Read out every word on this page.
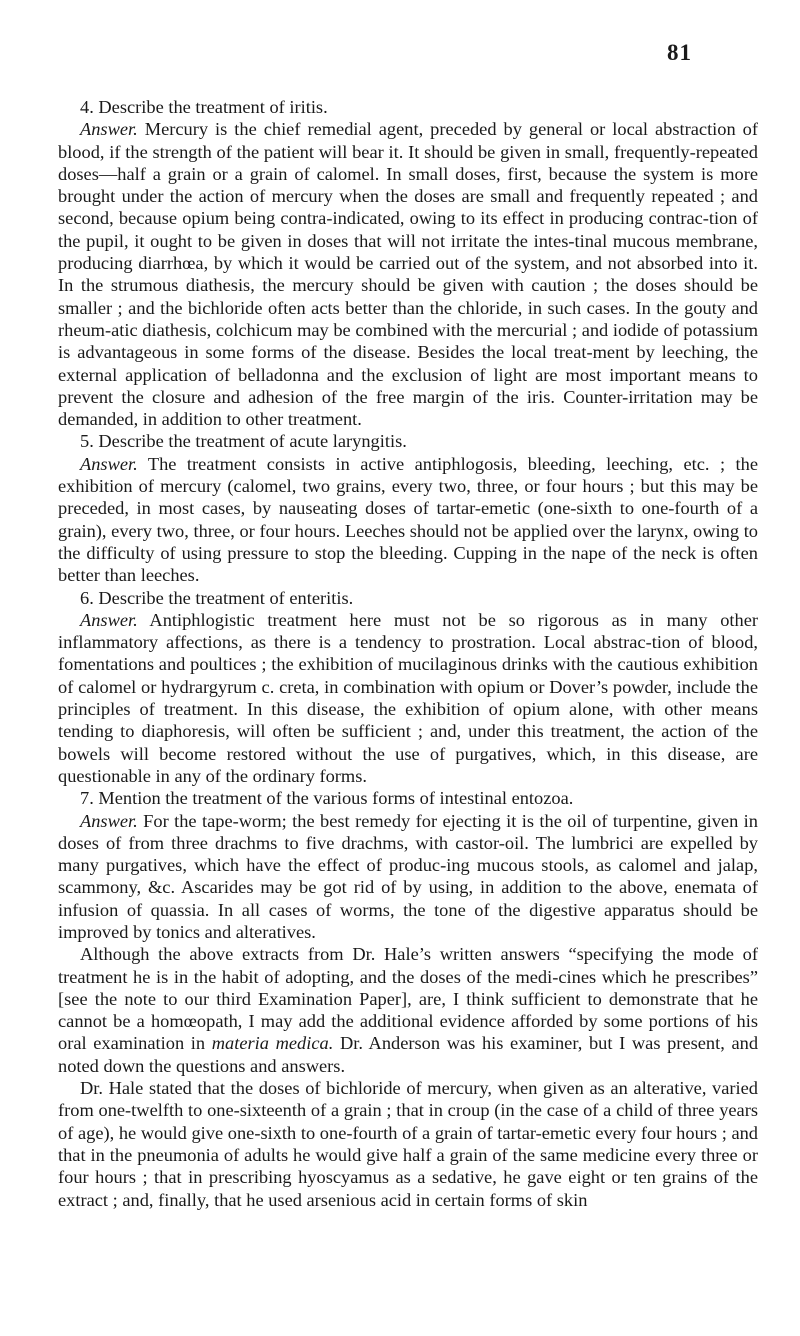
81

4. Describe the treatment of iritis.

Answer. Mercury is the chief remedial agent, preceded by general or local abstraction of blood, if the strength of the patient will bear it. It should be given in small, frequently-repeated doses—half a grain or a grain of calomel. In small doses, first, because the system is more brought under the action of mercury when the doses are small and frequently repeated ; and second, because opium being contra-indicated, owing to its effect in producing contrac-tion of the pupil, it ought to be given in doses that will not irritate the intes-tinal mucous membrane, producing diarrhœa, by which it would be carried out of the system, and not absorbed into it. In the strumous diathesis, the mercury should be given with caution ; the doses should be smaller ; and the bichloride often acts better than the chloride, in such cases. In the gouty and rheum-atic diathesis, colchicum may be combined with the mercurial ; and iodide of potassium is advantageous in some forms of the disease. Besides the local treat-ment by leeching, the external application of belladonna and the exclusion of light are most important means to prevent the closure and adhesion of the free margin of the iris. Counter-irritation may be demanded, in addition to other treatment.

5. Describe the treatment of acute laryngitis.

Answer. The treatment consists in active antiphlogosis, bleeding, leeching, etc. ; the exhibition of mercury (calomel, two grains, every two, three, or four hours ; but this may be preceded, in most cases, by nauseating doses of tartar-emetic (one-sixth to one-fourth of a grain), every two, three, or four hours. Leeches should not be applied over the larynx, owing to the difficulty of using pressure to stop the bleeding. Cupping in the nape of the neck is often better than leeches.

6. Describe the treatment of enteritis.

Answer. Antiphlogistic treatment here must not be so rigorous as in many other inflammatory affections, as there is a tendency to prostration. Local abstrac-tion of blood, fomentations and poultices ; the exhibition of mucilaginous drinks with the cautious exhibition of calomel or hydrargyrum c. creta, in combination with opium or Dover’s powder, include the principles of treatment. In this disease, the exhibition of opium alone, with other means tending to diaphoresis, will often be sufficient ; and, under this treatment, the action of the bowels will become restored without the use of purgatives, which, in this disease, are questionable in any of the ordinary forms.

7. Mention the treatment of the various forms of intestinal entozoa.

Answer. For the tape-worm; the best remedy for ejecting it is the oil of turpentine, given in doses of from three drachms to five drachms, with castor-oil. The lumbrici are expelled by many purgatives, which have the effect of produc-ing mucous stools, as calomel and jalap, scammony, &c. Ascarides may be got rid of by using, in addition to the above, enemata of infusion of quassia. In all cases of worms, the tone of the digestive apparatus should be improved by tonics and alteratives.

Although the above extracts from Dr. Hale’s written answers “specifying the mode of treatment he is in the habit of adopting, and the doses of the medi-cines which he prescribes” [see the note to our third Examination Paper], are, I think sufficient to demonstrate that he cannot be a homœopath, I may add the additional evidence afforded by some portions of his oral examination in materia medica. Dr. Anderson was his examiner, but I was present, and noted down the questions and answers.

Dr. Hale stated that the doses of bichloride of mercury, when given as an alterative, varied from one-twelfth to one-sixteenth of a grain ; that in croup (in the case of a child of three years of age), he would give one-sixth to one-fourth of a grain of tartar-emetic every four hours ; and that in the pneumonia of adults he would give half a grain of the same medicine every three or four hours ; that in prescribing hyoscyamus as a sedative, he gave eight or ten grains of the extract ; and, finally, that he used arsenious acid in certain forms of skin
